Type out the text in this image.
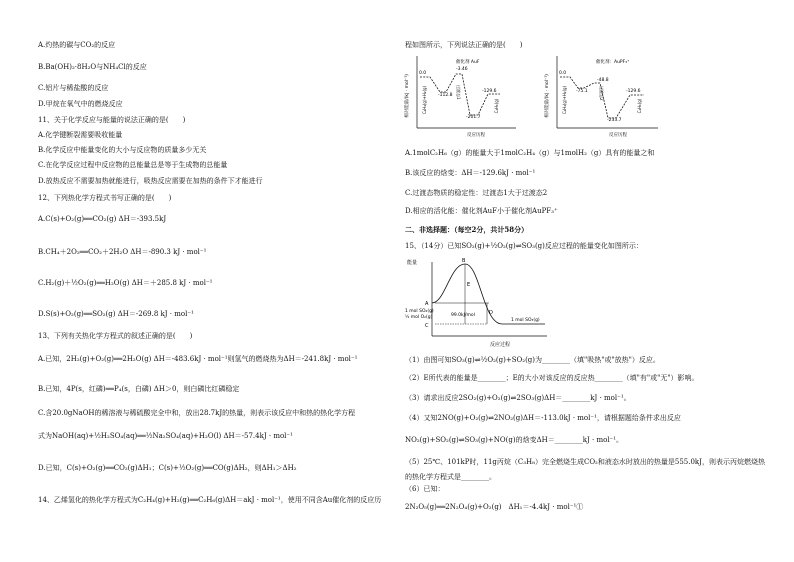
A.灼热的碳与CO₂的反应
B.Ba(OH)₂·8H₂O与NH₄Cl的反应
C.铝片与稀盐酸的反应
D.甲烷在氧气中的燃烧反应
11、关于化学反应与能量的说法正确的是(　　)
A.化学键断裂需要吸收能量
B.化学反应中能量变化的大小与反应物的质量多少无关
C.在化学反应过程中反应物的总能量总是等于生成物的总能量
D.放热反应不需要加热就能进行，吸热反应需要在加热的条件下才能进行
12、下列热化学方程式书写正确的是(　　)
A.C(s)+O₂(g)══CO₂(g) ΔH＝-393.5kJ
B.CH₄＋2O₂══CO₂＋2H₂O ΔH＝-890.3 kJ · mol⁻¹
C.H₂(g)＋½O₂(g)══H₂O(g) ΔH＝＋285.8 kJ · mol⁻¹
D.S(s)+O₂(g)══SO₂(g) ΔH＝-269.8 kJ · mol⁻¹
13、下列有关热化学方程式的叙述正确的是(　　)
A.已知，2H₂(g)+O₂(g)══2H₂O(g) ΔH＝-483.6kJ · mol⁻¹则氢气的燃烧热为ΔH＝-241.8kJ · mol⁻¹
B.已知，4P(s，红磷)══P₄(s，白磷) ΔH＞0，则白磷比红磷稳定
C.含20.0gNaOH的稀溶液与稀硫酸完全中和，放出28.7kJ的热量，则表示该反应中和热的热化学方程
式为NaOH(aq)+½H₂SO₄(aq)══½Na₂SO₄(aq)+H₂O(l) ΔH＝-57.4kJ · mol⁻¹
D.已知，C(s)+O₂(g)══CO₂(g)ΔH₁；C(s)+½O₂(g)══CO(g)ΔH₂，则ΔH₁＞ΔH₂
14、乙烯氢化的热化学方程式为C₂H₄(g)+H₂(g)══C₂H₆(g)ΔH＝akJ · mol⁻¹，使用不同含Au催化剂的反应历
程如图所示，下列说法正确的是(　　)
相对能量/(kJ · mol⁻¹)
0.0
催化剂 AuF
-3.46
过渡态1
-112.8
-201.7
-129.6
C₂H₄(g)+H₂(g)	C₂H₆(g)
反应历程
相对能量/(kJ · mol⁻¹)
0.0
催化剂：AuPF₃⁺
-48.8
-75.1	过渡态2
-233.7
-129.6
C₂H₄(g)+H₂(g)	C₂H₆(g)
反应历程
A.1molC₂H₆（g）的能量大于1molC₂H₄（g）与1molH₂（g）具有的能量之和
B.该反应的焓变：ΔH＝-129.6kJ · mol⁻¹
C.过渡态物质的稳定性：过渡态1大于过渡态2
D.相应的活化能：催化剂AuF小于催化剂AuPF₃⁺
二、非选择题：（每空2分，共计58分）
15、（14分）已知SO₂(g)+½O₂(g)⇌SO₃(g)反应过程的能量变化如图所示：
能量
反应过程
B
E
A
D
C
1 mol SO₂(g)
½ mol O₂(g)	99.0kJ/mol
1 mol SO₃(g)
（1）由图可知SO₃(g)⇌½O₂(g)+SO₂(g)为________（填"吸热"或"放热"）反应。
（2）E所代表的能量是________；E的大小对该反应的反应热________（填"有"或"无"）影响。
（3）请求出反应2SO₂(g)+O₂(g)⇌2SO₃(g)ΔH＝________kJ · mol⁻¹。
（4）又知2NO(g)+O₂(g)⇌2NO₂(g)ΔH＝-113.0kJ · mol⁻¹，请根据题给条件求出反应
NO₂(g)+SO₂(g)⇌SO₃(g)+NO(g)的焓变ΔH＝________kJ · mol⁻¹。
（5）25℃、101kP时，11g丙烷（C₃H₈）完全燃烧生成CO₂和液态水时放出的热量是555.0kJ，则表示丙烷燃烧热
的热化学方程式是________。
（6）已知：
2N₂O₅(g)══2N₂O₄(g)+O₂(g)　ΔH₁＝-4.4kJ · mol⁻¹①
